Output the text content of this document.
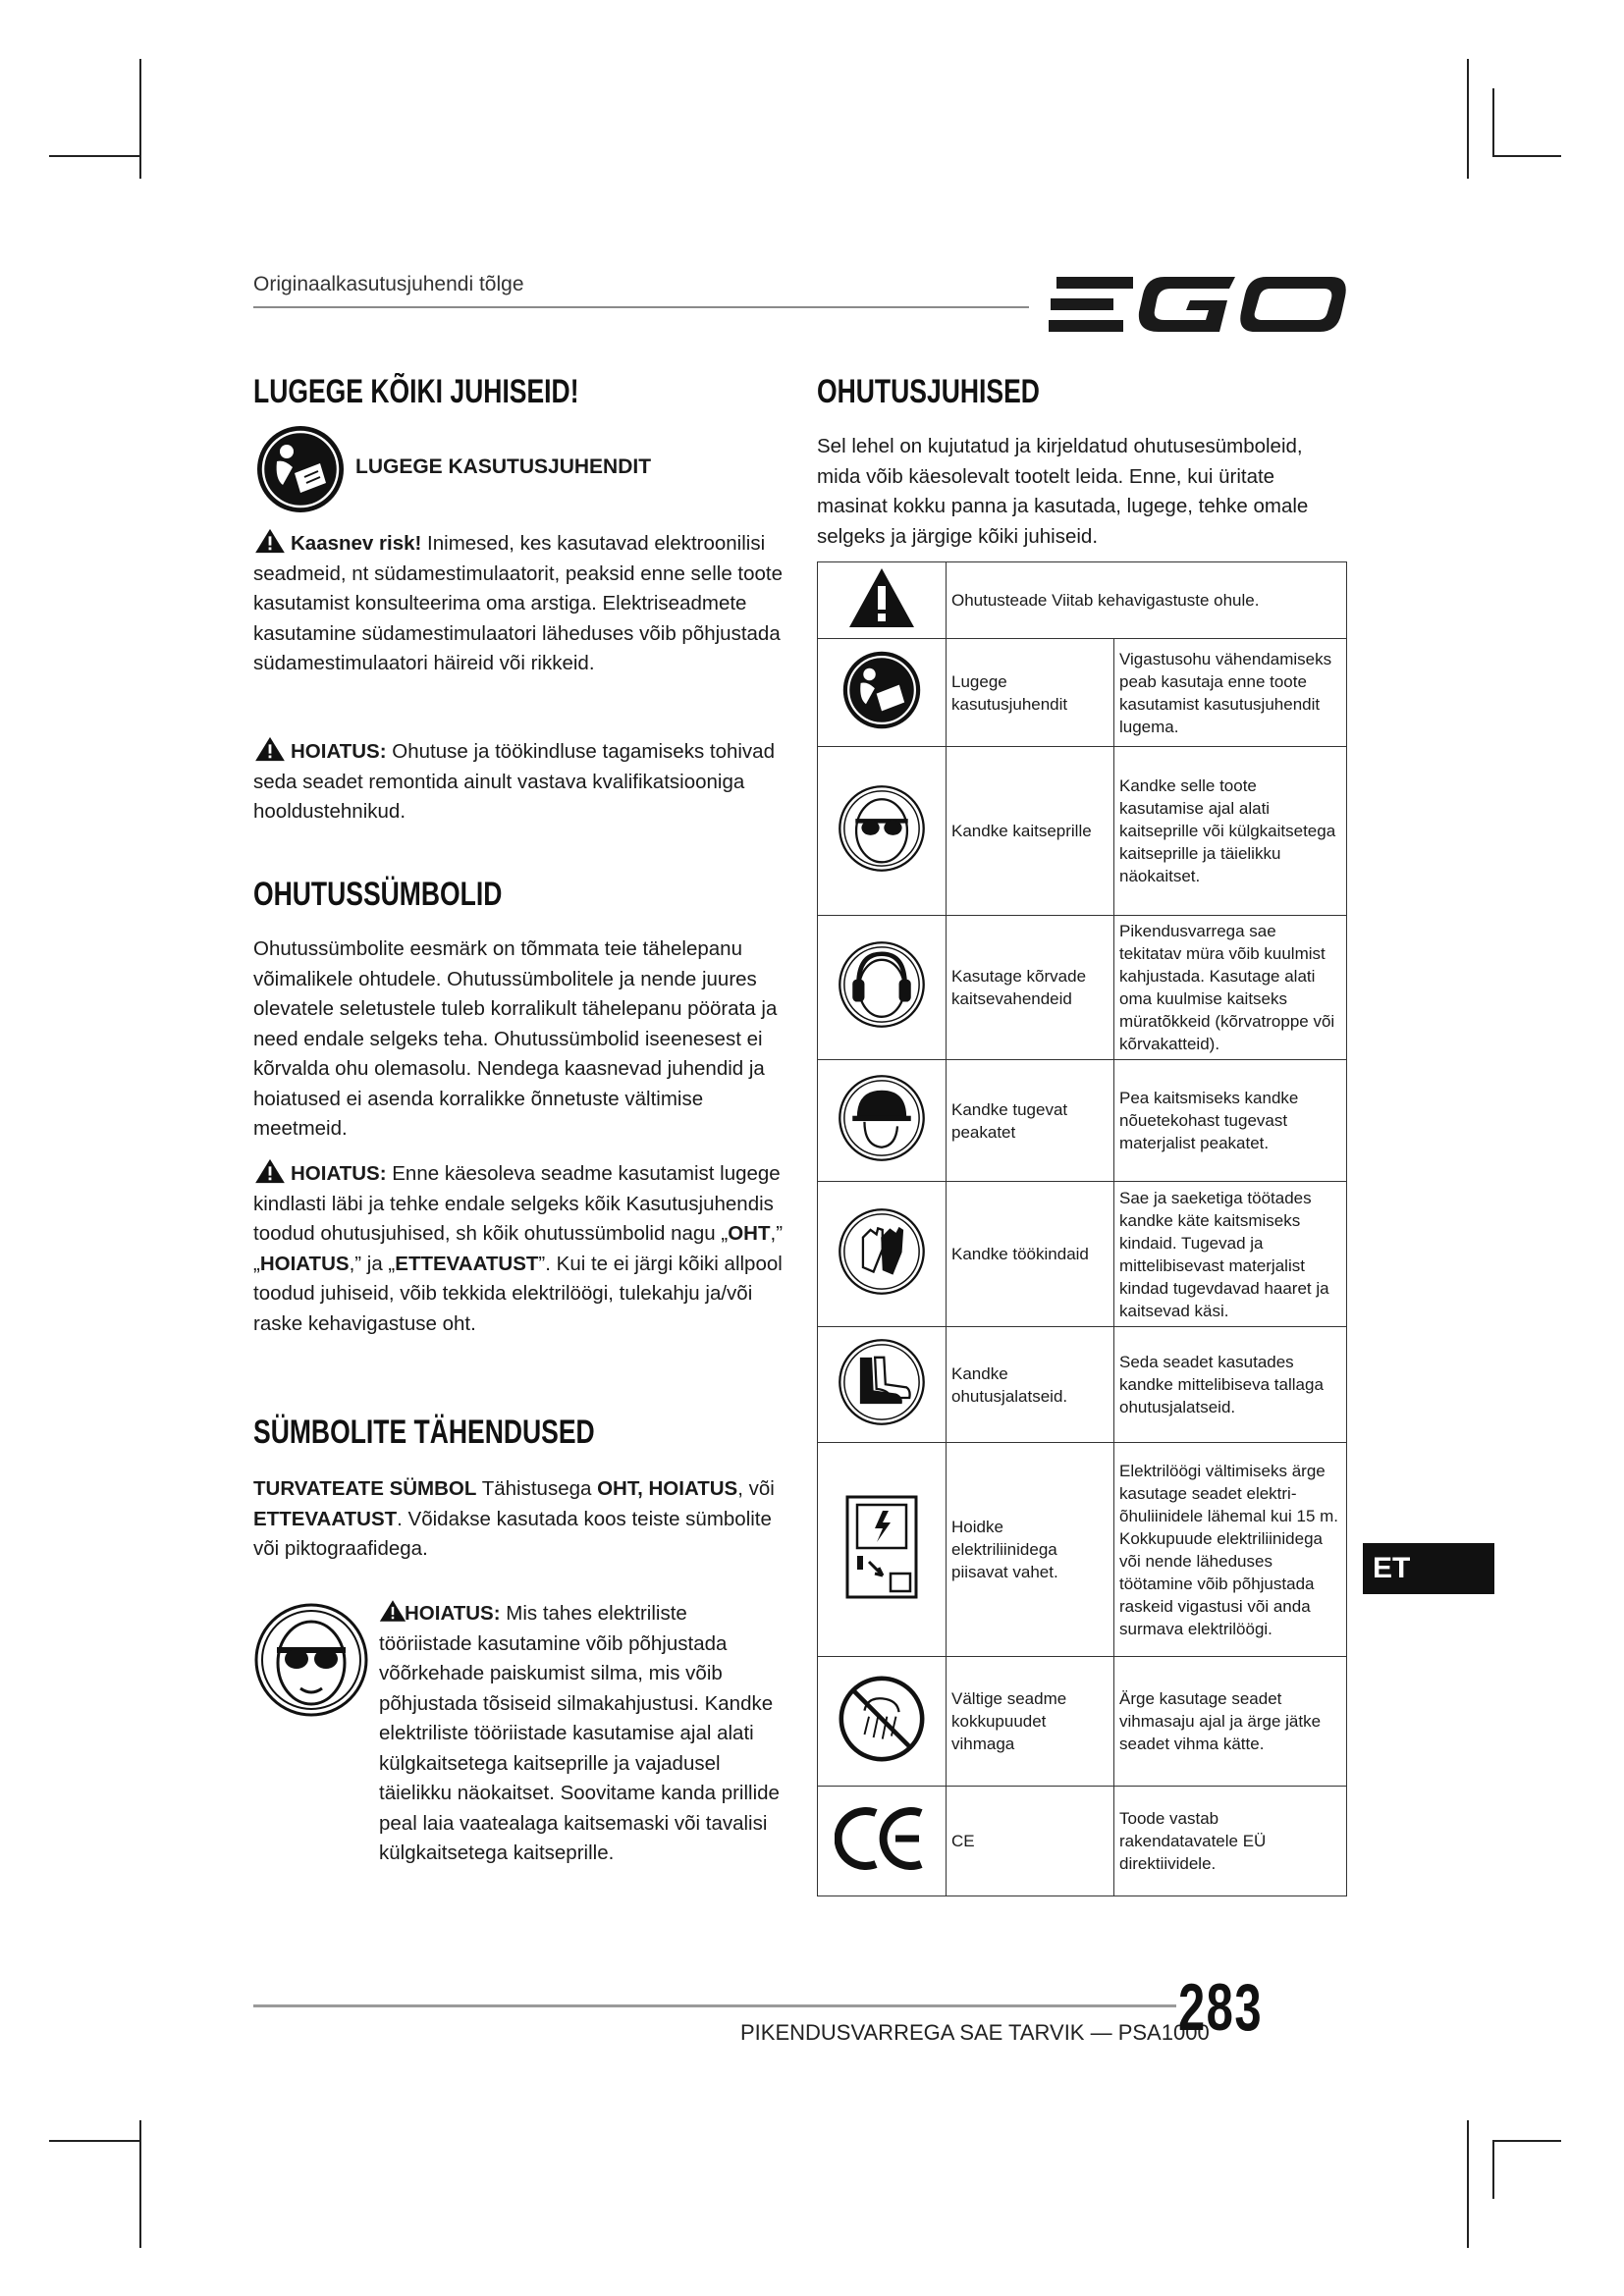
Originaalkasutusjuhendi tõlge
LUGEGE KÕIKI JUHISEID!
LUGEGE KASUTUSJUHENDIT
Kaasnev risk! Inimesed, kes kasutavad elektroonilisi seadmeid, nt südamestimulaatorit, peaksid enne selle toote kasutamist konsulteerima oma arstiga. Elektriseadmete kasutamine südamestimulaatori läheduses võib põhjustada südamestimulaatori häireid või rikkeid.
HOIATUS: Ohutuse ja töökindluse tagamiseks tohivad seda seadet remontida ainult vastava kvalifikatsiooniga hooldustehnikud.
OHUTUSSÜMBOLID
Ohutussümbolite eesmärk on tõmmata teie tähelepanu võimalikele ohtudele. Ohutussümbolitele ja nende juures olevatele seletustele tuleb korralikult tähelepanu pöörata ja need endale selgeks teha. Ohutussümbolid iseenesest ei kõrvalda ohu olemasolu. Nendega kaasnevad juhendid ja hoiatused ei asenda korralikke õnnetuste vältimise meetmeid.
HOIATUS: Enne käesoleva seadme kasutamist lugege kindlasti läbi ja tehke endale selgeks kõik Kasutusjuhendis toodud ohutusjuhised, sh kõik ohutussümbolid nagu „OHT,” „HOIATUS,” ja „ETTEVAATUST”. Kui te ei järgi kõiki allpool toodud juhiseid, võib tekkida elektrilöögi, tulekahju ja/või raske kehavigastuse oht.
SÜMBOLITE TÄHENDUSED
TURVATEATE SÜMBOL Tähistusega OHT, HOIATUS, või ETTEVAATUST. Võidakse kasutada koos teiste sümbolite või piktograafidega.
HOIATUS: Mis tahes elektriliste tööriistade kasutamine võib põhjustada võõrkehade paiskumist silma, mis võib põhjustada tõsiseid silmakahjustusi. Kandke elektriliste tööriistade kasutamise ajal alati külgkaitsetega kaitseprille ja vajadusel täielikku näokaitset. Soovitame kanda prillide peal laia vaatealaga kaitsemaski või tavalisi külgkaitsetega kaitseprille.
OHUTUSJUHISED
Sel lehel on kujutatud ja kirjeldatud ohutusesümboleid, mida võib käesolevalt tootelt leida. Enne, kui üritate masinat kokku panna ja kasutada, lugege, tehke omale selgeks ja järgige kõiki juhiseid.
	Ohutusteade Viitab kehavigastuste ohule.	
	Lugege kasutusjuhendit	Vigastusohu vähendamiseks peab kasutaja enne toote kasutamist kasutusjuhendit lugema.
	Kandke kaitseprille	Kandke selle toote kasutamise ajal alati kaitseprille või külgkaitsetega kaitseprille ja täielikku näokaitset.
	Kasutage kõrvade kaitsevahendeid	Pikendusvarrega sae tekitatav müra võib kuulmist kahjustada. Kasutage alati oma kuulmise kaitseks müratõkkeid (kõrvatroppe või kõrvakatteid).
	Kandke tugevat peakatet	Pea kaitsmiseks kandke nõuetekohast tugevast materjalist peakatet.
	Kandke töökindaid	Sae ja saeketiga töötades kandke käte kaitsmiseks kindaid. Tugevad ja mittelibisevast materjalist kindad tugevdavad haaret ja kaitsevad käsi.
	Kandke ohutusjalatseid.	Seda seadet kasutades kandke mittelibiseva tallaga ohutusjalatseid.
	Hoidke elektriliinidega piisavat vahet.	Elektrilöögi vältimiseks ärge kasutage seadet elektri-õhuliinidele lähemal kui 15 m. Kokkupuude elektriliinidega või nende läheduses töötamine võib põhjustada raskeid vigastusi või anda surmava elektrilöögi.
	Vältige seadme kokkupuudet vihmaga	Ärge kasutage seadet vihmasaju ajal ja ärge jätke seadet vihma kätte.
	CE	Toode vastab rakendatavatele EÜ direktiividele.
ET
PIKENDUSVARREGA SAE TARVIK — PSA1000
283
